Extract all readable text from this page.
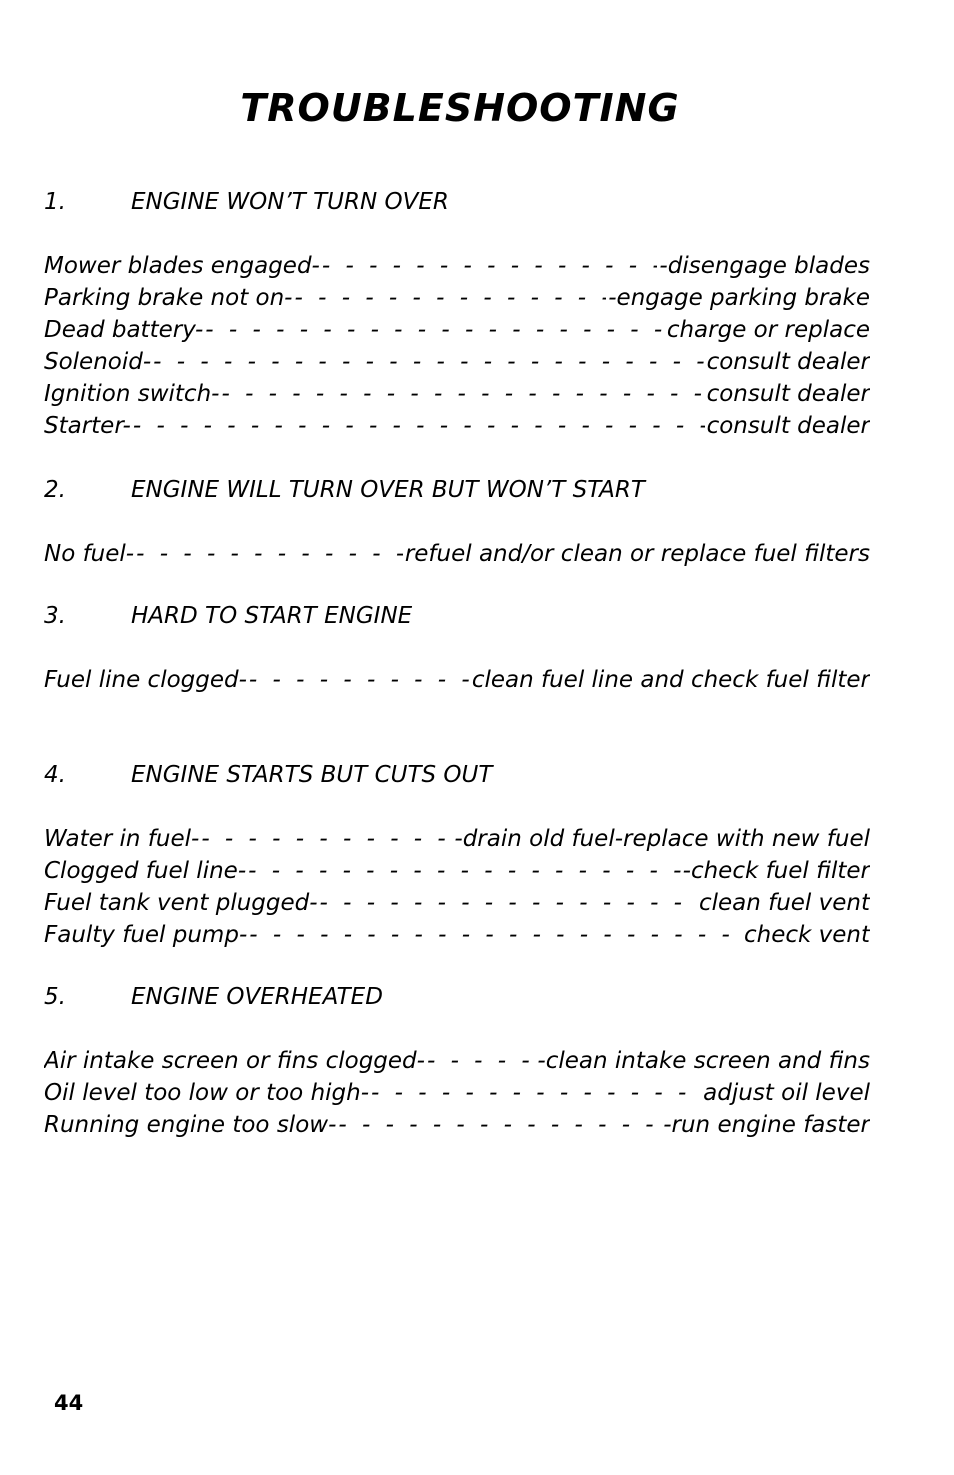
TROUBLESHOOTING
1.	ENGINE WON’T TURN OVER
Mower blades engaged- - - -	-disengage blades
Parking brake not on- - - -	-engage parking brake
Dead battery- - - -	charge or replace
Solenoid- - - -	consult dealer
Ignition switch- - - -	consult dealer
Starter- - - -	consult dealer
2.	ENGINE WILL TURN OVER BUT WON’T START
No fuel- - - -	refuel and/or clean or replace fuel filters
3.	HARD TO START ENGINE
Fuel line clogged- - - -	clean fuel line and check fuel filter
4.	ENGINE STARTS BUT CUTS OUT
Water in fuel- - - -	-drain old fuel-replace with new fuel
Clogged fuel line- - - -	-check fuel filter
Fuel tank vent plugged- - - -	clean fuel vent
Faulty fuel pump- - - -	check vent
5.	ENGINE OVERHEATED
Air intake screen or fins clogged- - - -	-clean intake screen and fins
Oil level too low or too high- - - -	adjust oil level
Running engine too slow- - - -	-run engine faster
44
